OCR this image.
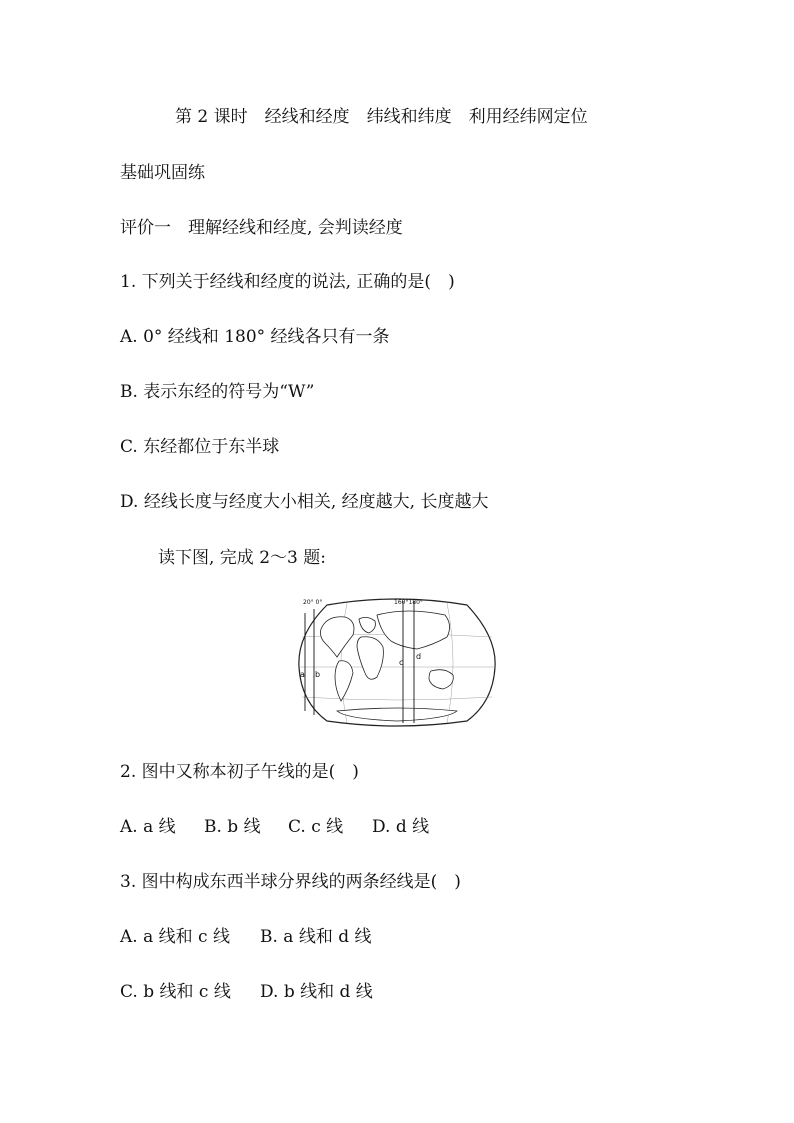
第 2 课时　经线和经度　纬线和纬度　利用经纬网定位
基础巩固练
评价一　理解经线和经度, 会判读经度
1. 下列关于经线和经度的说法, 正确的是(　)
A. 0° 经线和 180° 经线各只有一条
B. 表示东经的符号为“W”
C. 东经都位于东半球
D. 经线长度与经度大小相关, 经度越大, 长度越大
读下图, 完成 2～3 题:
20° 0°	160°180°
a b
c
d
2. 图中又称本初子午线的是(　)
A. a 线 B. b 线 C. c 线 D. d 线
3. 图中构成东西半球分界线的两条经线是(　)
A. a 线和 c 线 B. a 线和 d 线
C. b 线和 c 线 D. b 线和 d 线
